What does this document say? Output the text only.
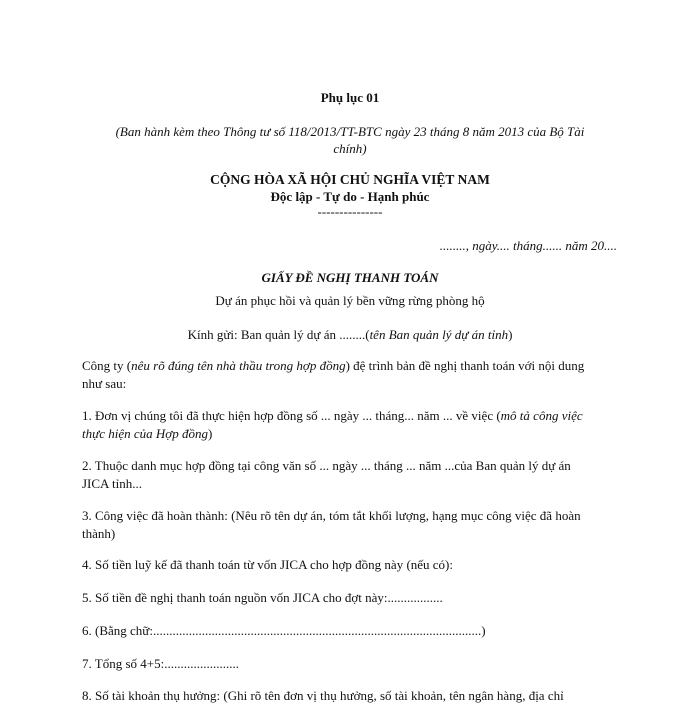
Phụ lục 01
(Ban hành kèm theo Thông tư số 118/2013/TT-BTC ngày 23 tháng 8 năm 2013 của Bộ Tài
chính)
CỘNG HÒA XÃ HỘI CHỦ NGHĨA VIỆT NAM
Độc lập - Tự do - Hạnh phúc
---------------
........, ngày.... tháng...... năm 20....
GIẤY ĐỀ NGHỊ THANH TOÁN
Dự án phục hồi và quản lý bền vững rừng phòng hộ
Kính gửi: Ban quản lý dự án ........(tên Ban quản lý dự án tỉnh)
Công ty (nêu rõ đúng tên nhà thầu trong hợp đồng) đệ trình bản đề nghị thanh toán với nội dung
như sau:
1. Đơn vị chúng tôi đã thực hiện hợp đồng số ... ngày ... tháng... năm ... về việc (mô tả công việc
thực hiện của Hợp đồng)
2. Thuộc danh mục hợp đồng tại công văn số ... ngày ... tháng ... năm ...của Ban quản lý dự án
JICA tỉnh...
3. Công việc đã hoàn thành: (Nêu rõ tên dự án, tóm tắt khối lượng, hạng mục công việc đã hoàn
thành)
4. Số tiền luỹ kế đã thanh toán từ vốn JICA cho hợp đồng này (nếu có):
5. Số tiền đề nghị thanh toán nguồn vốn JICA cho đợt này:.................
6. (Bằng chữ:.....................................................................................................)
7. Tổng số 4+5:.......................
8. Số tài khoản thụ hưởng: (Ghi rõ tên đơn vị thụ hưởng, số tài khoản, tên ngân hàng, địa chỉ
